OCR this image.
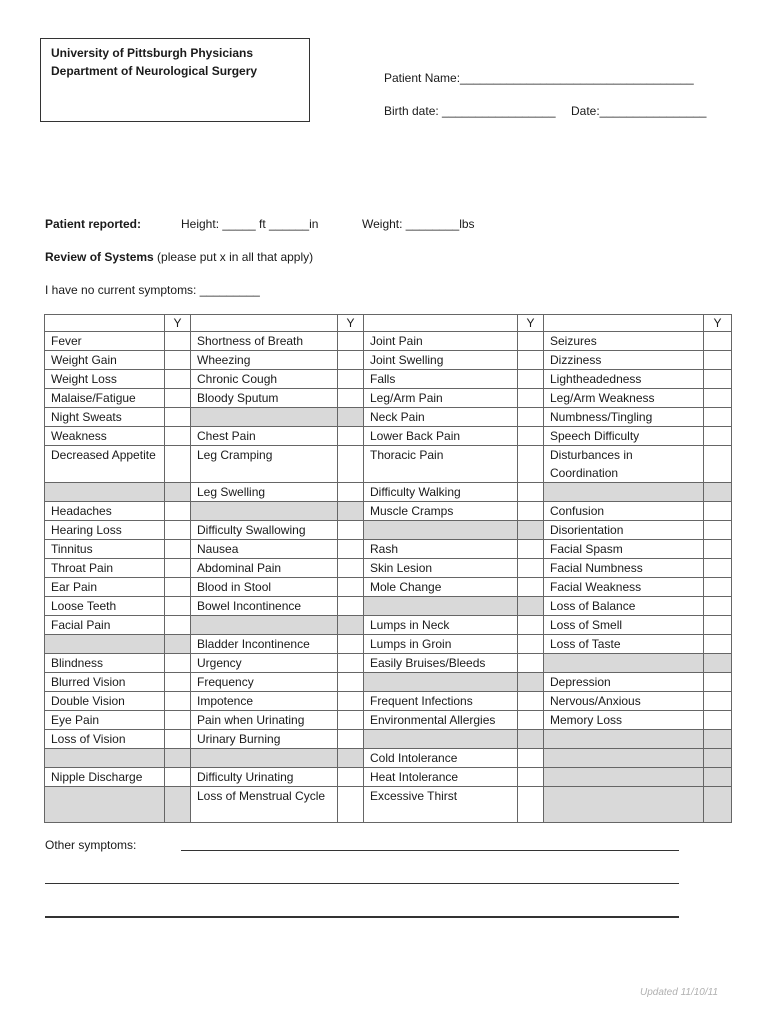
University of Pittsburgh Physicians
Department of Neurological Surgery	Patient Name:___________________________________
Birth date: _________________ Date:________________
Patient reported:	Height: _____ ft ______in	Weight: ________lbs
Review of Systems (please put x in all that apply)
I have no current symptoms: _________
	Y		Y		Y		Y
Fever		Shortness of Breath		Joint Pain		Seizures	
Weight Gain		Wheezing		Joint Swelling		Dizziness	
Weight Loss		Chronic Cough		Falls		Lightheadedness	
Malaise/Fatigue		Bloody Sputum		Leg/Arm Pain		Leg/Arm Weakness	
Night Sweats				Neck Pain		Numbness/Tingling	
Weakness		Chest Pain		Lower Back Pain		Speech Difficulty	
Decreased Appetite		Leg Cramping		Thoracic Pain		Disturbances in Coordination	
		Leg Swelling		Difficulty Walking			
Headaches				Muscle Cramps		Confusion	
Hearing Loss		Difficulty Swallowing				Disorientation	
Tinnitus		Nausea		Rash		Facial Spasm	
Throat Pain		Abdominal Pain		Skin Lesion		Facial Numbness	
Ear Pain		Blood in Stool		Mole Change		Facial Weakness	
Loose Teeth		Bowel Incontinence				Loss of Balance	
Facial Pain				Lumps in Neck		Loss of Smell	
		Bladder Incontinence		Lumps in Groin		Loss of Taste	
Blindness		Urgency		Easily Bruises/Bleeds			
Blurred Vision		Frequency				Depression	
Double Vision		Impotence		Frequent Infections		Nervous/Anxious	
Eye Pain		Pain when Urinating		Environmental Allergies		Memory Loss	
Loss of Vision		Urinary Burning					
				Cold Intolerance			
Nipple Discharge		Difficulty Urinating		Heat Intolerance			
		Loss of Menstrual Cycle		Excessive Thirst			
Other symptoms:
Updated 11/10/11
